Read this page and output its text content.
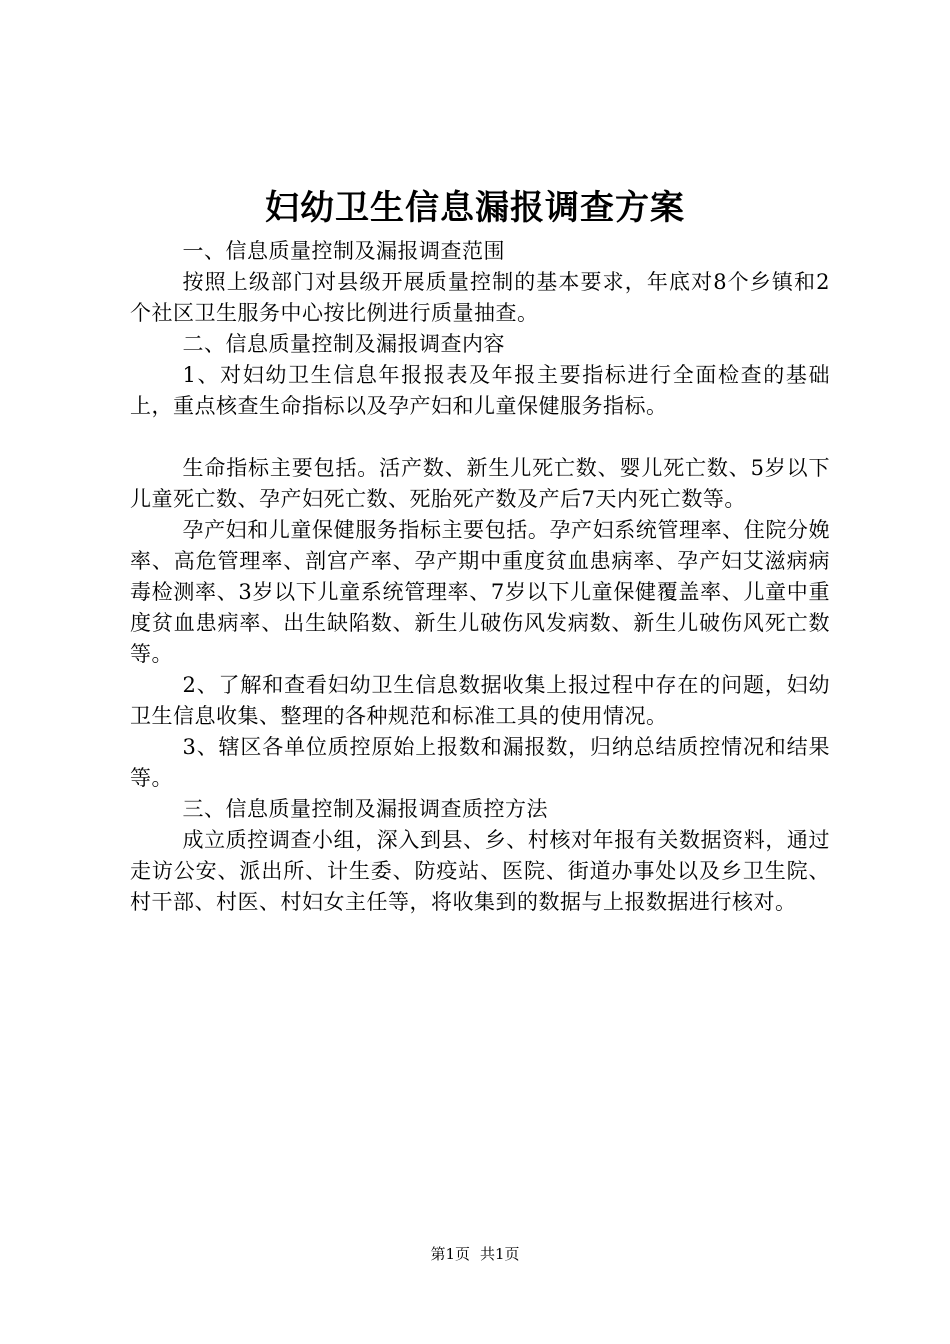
妇幼卫生信息漏报调查方案

一、信息质量控制及漏报调查范围

按照上级部门对县级开展质量控制的基本要求，年底对8个乡镇和2个社区卫生服务中心按比例进行质量抽查。

二、信息质量控制及漏报调查内容

1、对妇幼卫生信息年报报表及年报主要指标进行全面检查的基础上，重点核查生命指标以及孕产妇和儿童保健服务指标。

生命指标主要包括。活产数、新生儿死亡数、婴儿死亡数、5岁以下儿童死亡数、孕产妇死亡数、死胎死产数及产后7天内死亡数等。

孕产妇和儿童保健服务指标主要包括。孕产妇系统管理率、住院分娩率、高危管理率、剖宫产率、孕产期中重度贫血患病率、孕产妇艾滋病病毒检测率、3岁以下儿童系统管理率、7岁以下儿童保健覆盖率、儿童中重度贫血患病率、出生缺陷数、新生儿破伤风发病数、新生儿破伤风死亡数等。

2、了解和查看妇幼卫生信息数据收集上报过程中存在的问题，妇幼卫生信息收集、整理的各种规范和标准工具的使用情况。

3、辖区各单位质控原始上报数和漏报数，归纳总结质控情况和结果等。

三、信息质量控制及漏报调查质控方法

成立质控调查小组，深入到县、乡、村核对年报有关数据资料，通过走访公安、派出所、计生委、防疫站、医院、街道办事处以及乡卫生院、村干部、村医、村妇女主任等，将收集到的数据与上报数据进行核对。

第1页 共1页
